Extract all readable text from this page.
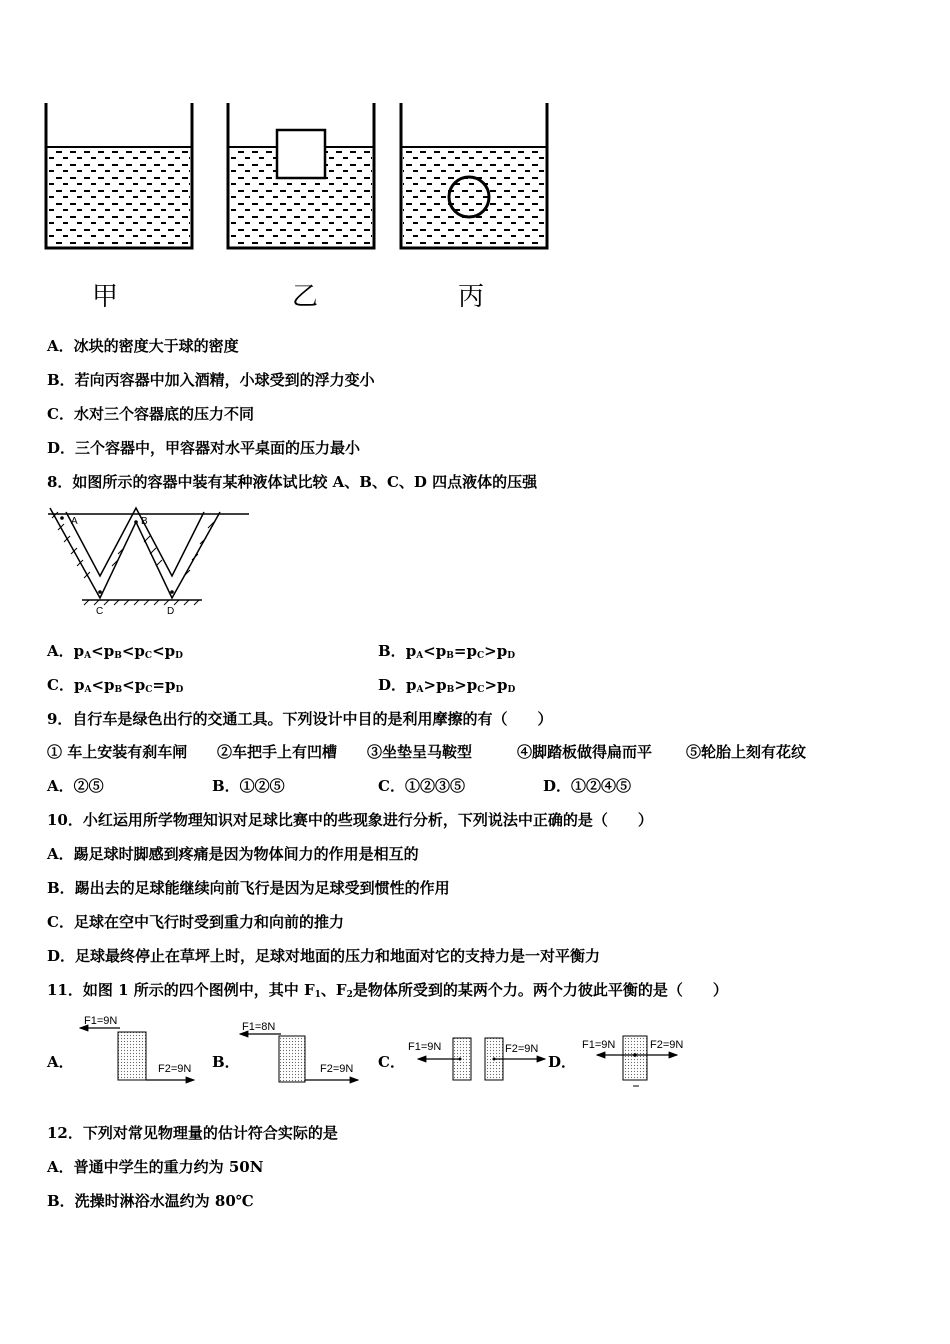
甲	乙	丙
A．冰块的密度大于球的密度
B．若向丙容器中加入酒精，小球受到的浮力变小
C．水对三个容器底的压力不同
D．三个容器中，甲容器对水平桌面的压力最小
8．如图所示的容器中装有某种液体试比较 A、B、C、D 四点液体的压强
A	B
C	D
A．$p_A<p_B<p_C<p_D$	B．$p_A<p_B=p_C>p_D$
C．$p_A<p_B<p_C=p_D$	D．$p_A>p_B>p_C>p_D$
9．自行车是绿色出行的交通工具。下列设计中目的是利用摩擦的有（　　）
① 车上安装有刹车闸 ②车把手上有凹槽 ③坐垫呈马鞍型	④脚踏板做得扁而平 ⑤轮胎上刻有花纹
A．②⑤	B．①②⑤	C．①②③⑤	D．①②④⑤
10．小红运用所学物理知识对足球比赛中的些现象进行分析，下列说法中正确的是（　　）
A．踢足球时脚感到疼痛是因为物体间力的作用是相互的
B．踢出去的足球能继续向前飞行是因为足球受到惯性的作用
C．足球在空中飞行时受到重力和向前的推力
D．足球最终停止在草坪上时，足球对地面的压力和地面对它的支持力是一对平衡力
11．如图 1 所示的四个图例中，其中 $F_1$、$F_2$是物体所受到的某两个力。两个力彼此平衡的是（　　）
A．	B．	C．	D．
F1=9N
F2=9N
F1=8N
F2=9N
F1=9N	F2=9N	F1=9N	F2=9N
12．下列对常见物理量的估计符合实际的是
A．普通中学生的重力约为 50N
B．洗操时淋浴水温约为 80℃
